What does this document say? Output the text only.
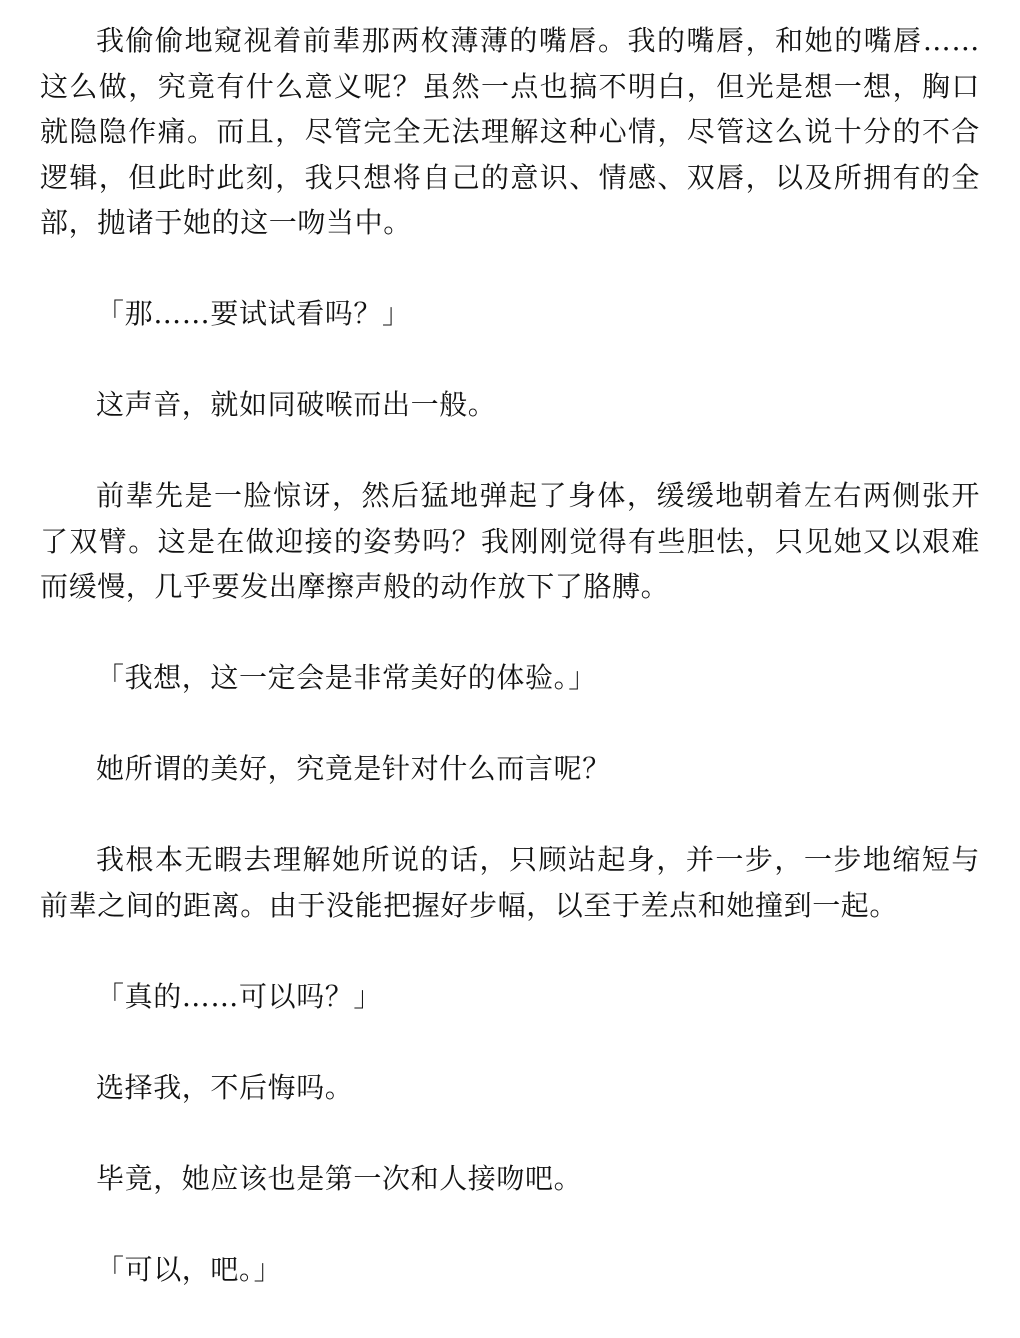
我偷偷地窥视着前辈那两枚薄薄的嘴唇。我的嘴唇，和她的嘴唇……这么做，究竟有什么意义呢？虽然一点也搞不明白，但光是想一想，胸口就隐隐作痛。而且，尽管完全无法理解这种心情，尽管这么说十分的不合逻辑，但此时此刻，我只想将自己的意识、情感、双唇，以及所拥有的全部，抛诸于她的这一吻当中。

「那……要试试看吗？」

这声音，就如同破喉而出一般。

前辈先是一脸惊讶，然后猛地弹起了身体，缓缓地朝着左右两侧张开了双臂。这是在做迎接的姿势吗？我刚刚觉得有些胆怯，只见她又以艰难而缓慢，几乎要发出摩擦声般的动作放下了胳膊。

「我想，这一定会是非常美好的体验。」

她所谓的美好，究竟是针对什么而言呢？

我根本无暇去理解她所说的话，只顾站起身，并一步，一步地缩短与前辈之间的距离。由于没能把握好步幅，以至于差点和她撞到一起。

「真的……可以吗？」

选择我，不后悔吗。

毕竟，她应该也是第一次和人接吻吧。

「可以，吧。」
